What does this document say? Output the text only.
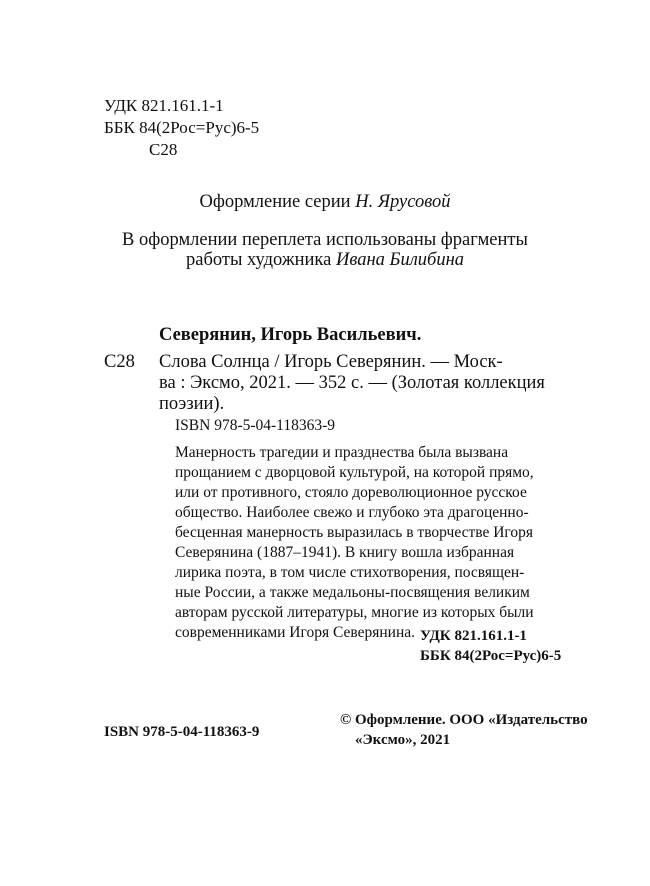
УДК 821.161.1-1
ББК 84(2Рос=Рус)6-5
С28
Оформление серии Н. Ярусовой
В оформлении переплета использованы фрагменты
работы художника Ивана Билибина
Северянин, Игорь Васильевич.
С28 Слова Солнца / Игорь Северянин. — Моск-
ва : Эксмо, 2021. — 352 с. — (Золотая коллекция
поэзии).
ISBN 978-5-04-118363-9
Манерность трагедии и празднества была вызвана
прощанием с дворцовой культурой, на которой прямо,
или от противного, стояло дореволюционное русское
общество. Наиболее свежо и глубоко эта драгоценно-
бесценная манерность выразилась в творчестве Игоря
Северянина (1887–1941). В книгу вошла избранная
лирика поэта, в том числе стихотворения, посвящен-
ные России, а также медальоны-посвящения великим
авторам русской литературы, многие из которых были
современниками Игоря Северянина. УДК 821.161.1-1
ББК 84(2Рос=Рус)6-5
ISBN 978-5-04-118363-9
© Оформление. ООО «Издательство
«Эксмо», 2021
